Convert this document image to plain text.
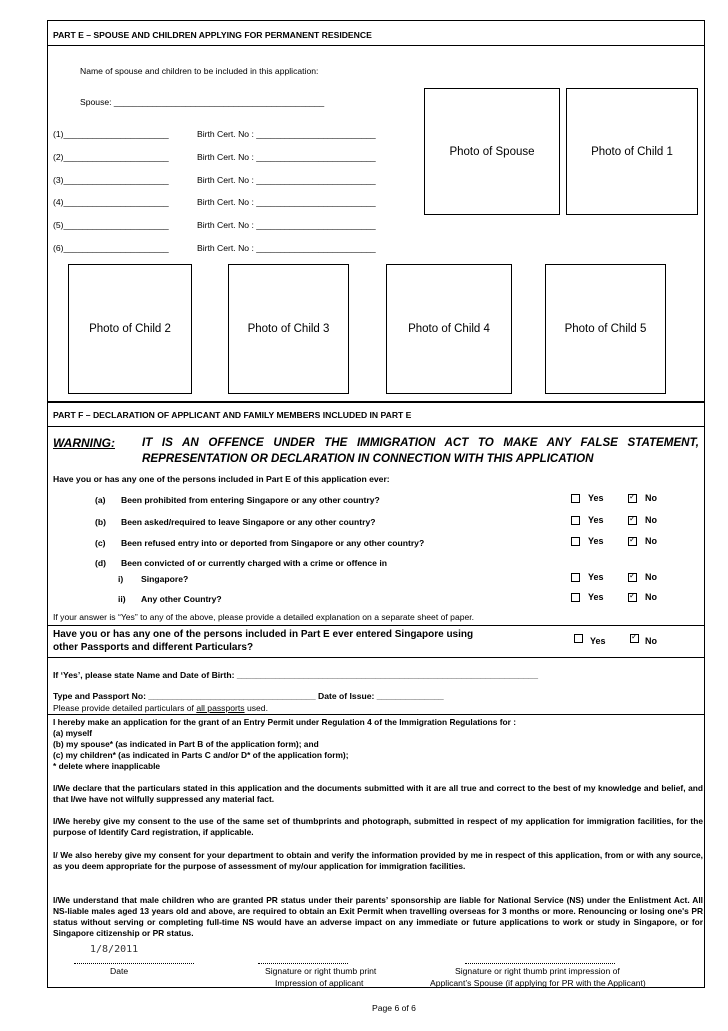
PART E – SPOUSE AND CHILDREN APPLYING FOR PERMANENT RESIDENCE
Name of spouse and children to be included in this application:
Spouse: ____________________________________________
(1)______________________	Birth Cert. No : _________________________
(2)______________________	Birth Cert. No : _________________________
(3)______________________	Birth Cert. No : _________________________
(4)______________________	Birth Cert. No : _________________________
(5)______________________	Birth Cert. No : _________________________
(6)______________________	Birth Cert. No : _________________________
Photo of Spouse	Photo of Child 1
Photo of Child 2	Photo of Child 3	Photo of Child 4	Photo of Child 5
PART F – DECLARATION OF APPLICANT AND FAMILY MEMBERS INCLUDED IN PART E
WARNING: IT IS AN OFFENCE UNDER THE IMMIGRATION ACT TO MAKE ANY FALSE STATEMENT,
REPRESENTATION OR DECLARATION IN CONNECTION WITH THIS APPLICATION
Have you or has any one of the persons included in Part E of this application ever:
(a) Been prohibited from entering Singapore or any other country?	Yes ✓	No
(b) Been asked/required to leave Singapore or any other country?	Yes ✓	No
(c) Been refused entry into or deported from Singapore or any other country?	Yes ✓	No
(d) Been convicted of or currently charged with a crime or offence in
i) Singapore?	Yes ✓	No
ii) Any other Country?	Yes ✓	No
If your answer is “Yes” to any of the above, please provide a detailed explanation on a separate sheet of paper.
Have you or has any one of the persons included in Part E ever entered Singapore using
other Passports and different Particulars?
Yes ✓	No
If ‘Yes’, please state Name and Date of Birth: _______________________________________________________________
Type and Passport No: ___________________________________ Date of Issue: ______________
Please provide detailed particulars of all passports used.
I hereby make an application for the grant of an Entry Permit under Regulation 4 of the Immigration Regulations for :
(a) myself
(b) my spouse* (as indicated in Part B of the application form); and
(c) my children* (as indicated in Parts C and/or D* of the application form);
* delete where inapplicable
I/We declare that the particulars stated in this application and the documents submitted with it are all true and correct to the best of my knowledge and belief, and that I/we have not wilfully suppressed any material fact.
I/We hereby give my consent to the use of the same set of thumbprints and photograph, submitted in respect of my application for immigration facilities, for the purpose of Identify Card registration, if applicable.
I/ We also hereby give my consent for your department to obtain and verify the information provided by me in respect of this application, from or with any source, as you deem appropriate for the purpose of assessment of my/our application for immigration facilities.
I/We understand that male children who are granted PR status under their parents’ sponsorship are liable for National Service (NS) under the Enlistment Act. All NS-liable males aged 13 years old and above, are required to obtain an Exit Permit when travelling overseas for 3 months or more. Renouncing or losing one's PR status without serving or completing full-time NS would have an adverse impact on any immediate or future applications to work or study in Singapore, or for Singapore citizenship or PR status.
1/8/2011
Date	Signature or right thumb print
Impression of applicant
Signature or right thumb print impression of
Applicant’s Spouse (if applying for PR with the Applicant)
Page 6 of 6
